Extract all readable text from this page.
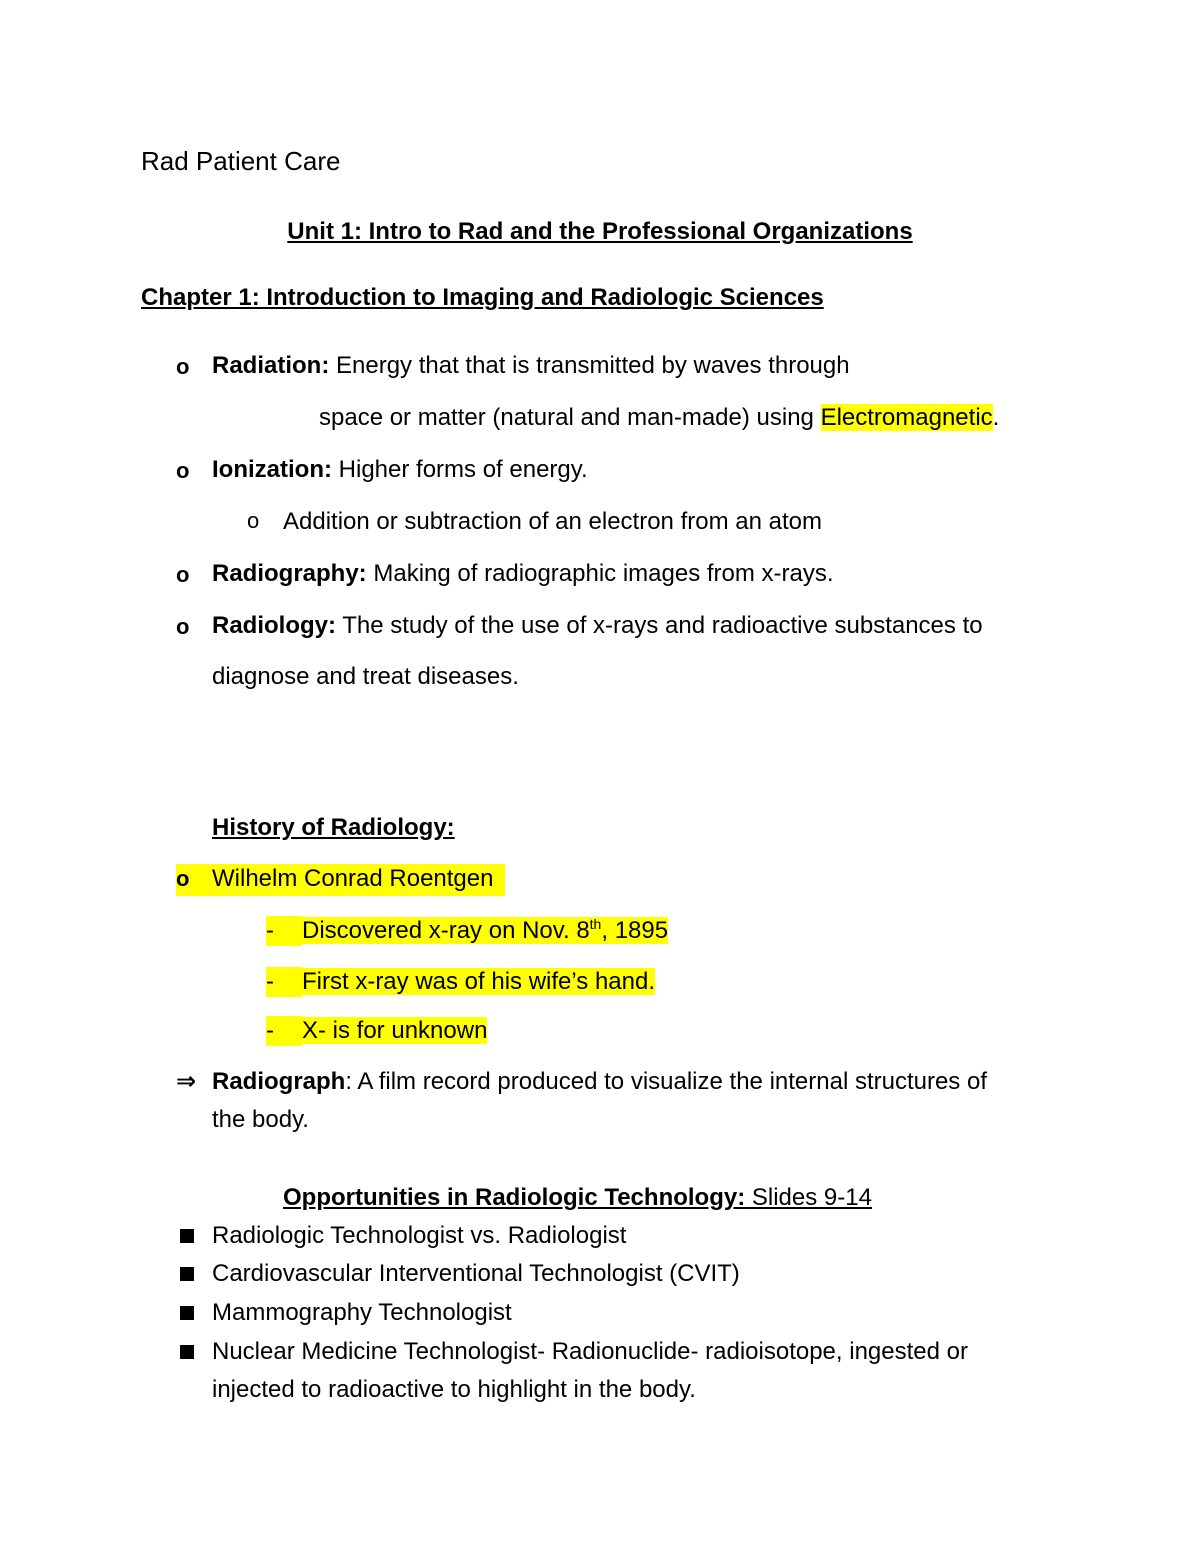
Rad Patient Care
Unit 1: Intro to Rad and the Professional Organizations
Chapter 1: Introduction to Imaging and Radiologic Sciences
o Radiation: Energy that that is transmitted by waves through
space or matter (natural and man-made) using Electromagnetic.
o Ionization: Higher forms of energy.
o Addition or subtraction of an electron from an atom
o Radiography: Making of radiographic images from x-rays.
o Radiology: The study of the use of x-rays and radioactive substances to
diagnose and treat diseases.
History of Radiology:
o Wilhelm Conrad Roentgen
- Discovered x-ray on Nov. 8th, 1895
- First x-ray was of his wife’s hand.
- X- is for unknown
⇒ Radiograph: A film record produced to visualize the internal structures of
the body.
Opportunities in Radiologic Technology: Slides 9-14
Radiologic Technologist vs. Radiologist
Cardiovascular Interventional Technologist (CVIT)
Mammography Technologist
Nuclear Medicine Technologist- Radionuclide- radioisotope, ingested or
injected to radioactive to highlight in the body.
